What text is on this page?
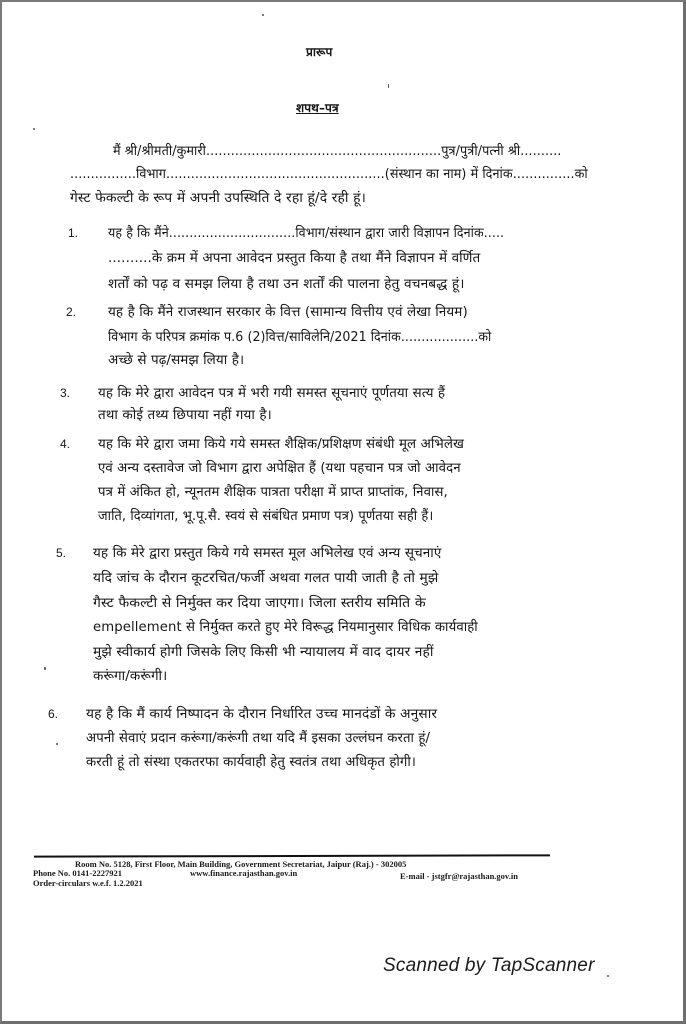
प्रारूप
शपथ–पत्र
मैं श्री/श्रीमती/कुमारी.........................................................पुत्र/पुत्री/पत्नी श्री..........
................विभाग.....................................................(संस्थान का नाम) में दिनांक...............को
गेस्ट फेकल्टी के रूप में अपनी उपस्थिति दे रहा हूं/दे रही हूं।
1. यह है कि मैंने...............................विभाग/संस्थान द्वारा जारी विज्ञापन दिनांक.....
..........के क्रम में अपना आवेदन प्रस्तुत किया है तथा मैंने विज्ञापन में वर्णित
शर्तों को पढ़ व समझ लिया है तथा उन शर्तों की पालना हेतु वचनबद्ध हूं।
2. यह है कि मैंने राजस्थान सरकार के वित्त (सामान्य वित्तीय एवं लेखा नियम)
विभाग के परिपत्र क्रमांक प.6 (2)वित्त/साविलेनि/2021 दिनांक...................को
अच्छे से पढ़/समझ लिया है।
3. यह कि मेरे द्वारा आवेदन पत्र में भरी गयी समस्त सूचनाएं पूर्णतया सत्य हैं
तथा कोई तथ्य छिपाया नहीं गया है।
4. यह कि मेरे द्वारा जमा किये गये समस्त शैक्षिक/प्रशिक्षण संबंधी मूल अभिलेख
एवं अन्य दस्तावेज जो विभाग द्वारा अपेक्षित हैं (यथा पहचान पत्र जो आवेदन
पत्र में अंकित हो, न्यूनतम शैक्षिक पात्रता परीक्षा में प्राप्त प्राप्तांक, निवास,
जाति, दिव्यांगता, भू.पू.सै. स्वयं से संबंधित प्रमाण पत्र) पूर्णतया सही हैं।
5. यह कि मेरे द्वारा प्रस्तुत किये गये समस्त मूल अभिलेख एवं अन्य सूचनाएं
यदि जांच के दौरान कूटरचित/फर्जी अथवा गलत पायी जाती है तो मुझे
गैस्ट फैकल्टी से निर्मुक्त कर दिया जाएगा। जिला स्तरीय समिति के
empellement से निर्मुक्त करते हुए मेरे विरूद्ध नियमानुसार विधिक कार्यवाही
मुझे स्वीकार्य होगी जिसके लिए किसी भी न्यायालय में वाद दायर नहीं
करूंगा/करूंगी।
6. यह है कि मैं कार्य निष्पादन के दौरान निर्धारित उच्च मानदंडों के अनुसार
अपनी सेवाएं प्रदान करूंगा/करूंगी तथा यदि मैं इसका उल्लंघन करता हूं/
करती हूं तो संस्था एकतरफा कार्यवाही हेतु स्वतंत्र तथा अधिकृत होगी।
Room No. 5128, First Floor, Main Building, Government Secretariat, Jaipur (Raj.) - 302005
Phone No. 0141-2227921	www.finance.rajasthan.gov.in	E-mail - jstgfr@rajasthan.gov.in
Order-circulars w.e.f. 1.2.2021
Scanned by TapScanner
